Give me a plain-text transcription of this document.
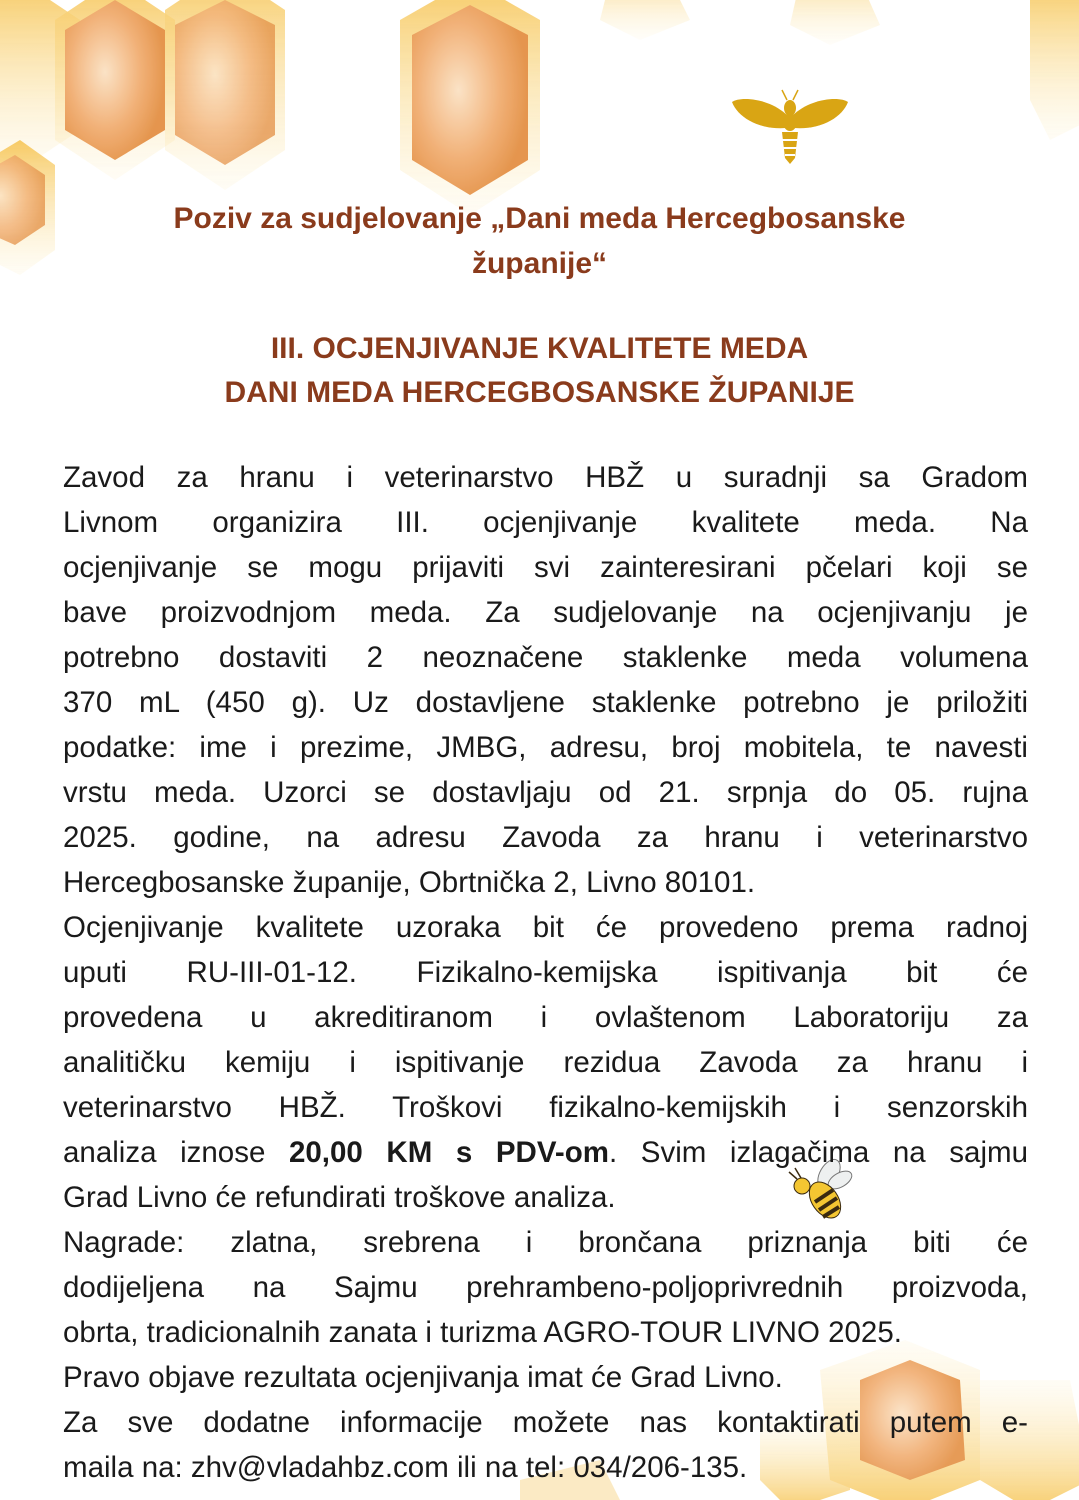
Poziv za sudjelovanje „Dani meda Hercegbosanske
županije“
III. OCJENJIVANJE KVALITETE MEDA
DANI MEDA HERCEGBOSANSKE ŽUPANIJE
Zavod za hranu i veterinarstvo HBŽ u suradnji sa Gradom
Livnom organizira III. ocjenjivanje kvalitete meda. Na
ocjenjivanje se mogu prijaviti svi zainteresirani pčelari koji se
bave proizvodnjom meda. Za sudjelovanje na ocjenjivanju je
potrebno dostaviti 2 neoznačene staklenke meda volumena
370 mL (450 g). Uz dostavljene staklenke potrebno je priložiti
podatke: ime i prezime, JMBG, adresu, broj mobitela, te navesti
vrstu meda. Uzorci se dostavljaju od 21. srpnja do 05. rujna
2025. godine, na adresu Zavoda za hranu i veterinarstvo
Hercegbosanske županije, Obrtnička 2, Livno 80101.
Ocjenjivanje kvalitete uzoraka bit će provedeno prema radnoj
uputi RU-III-01-12. Fizikalno-kemijska ispitivanja bit će
provedena u akreditiranom i ovlaštenom Laboratoriju za
analitičku kemiju i ispitivanje rezidua Zavoda za hranu i
veterinarstvo HBŽ. Troškovi fizikalno-kemijskih i senzorskih
analiza iznose 20,00 KM s PDV-om. Svim izlagačima na sajmu
Grad Livno će refundirati troškove analiza.
Nagrade: zlatna, srebrena i brončana priznanja biti će
dodijeljena na Sajmu prehrambeno-poljoprivrednih proizvoda,
obrta, tradicionalnih zanata i turizma AGRO-TOUR LIVNO 2025.
Pravo objave rezultata ocjenjivanja imat će Grad Livno.
Za sve dodatne informacije možete nas kontaktirati putem e-
maila na: zhv@vladahbz.com ili na tel: 034/206-135.
